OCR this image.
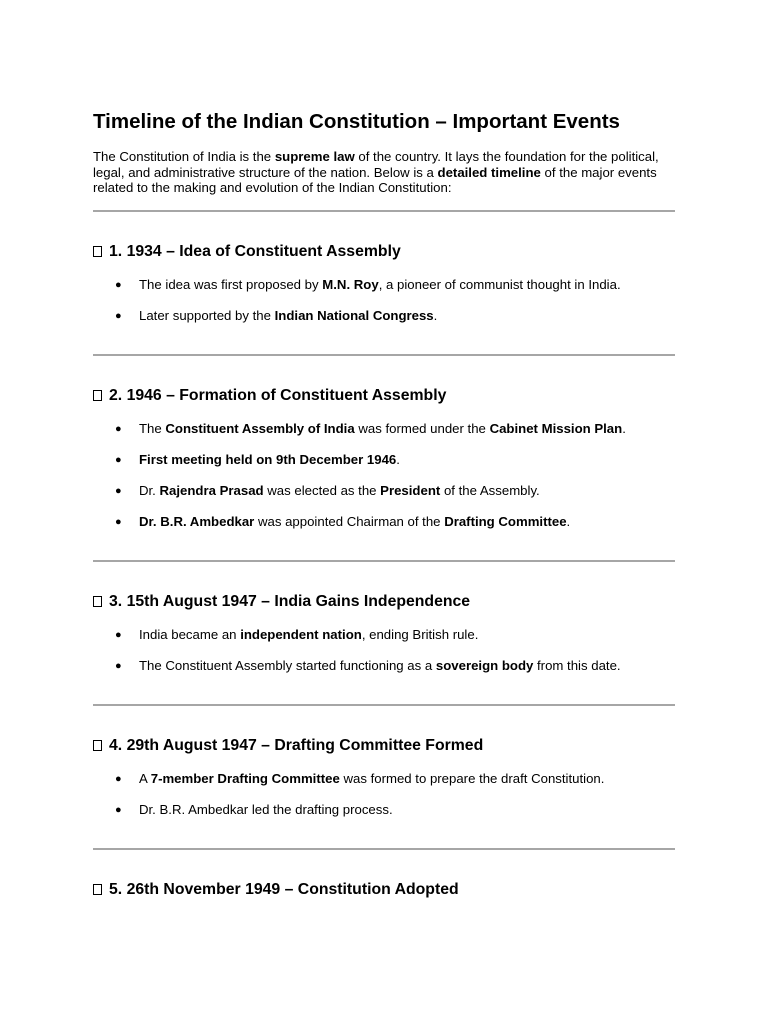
Timeline of the Indian Constitution – Important Events

The Constitution of India is the supreme law of the country. It lays the foundation for the political, legal, and administrative structure of the nation. Below is a detailed timeline of the major events related to the making and evolution of the Indian Constitution:

1. 1934 – Idea of Constituent Assembly
● The idea was first proposed by M.N. Roy, a pioneer of communist thought in India.
● Later supported by the Indian National Congress.
2. 1946 – Formation of Constituent Assembly
● The Constituent Assembly of India was formed under the Cabinet Mission Plan.
● First meeting held on 9th December 1946.
● Dr. Rajendra Prasad was elected as the President of the Assembly.
● Dr. B.R. Ambedkar was appointed Chairman of the Drafting Committee.
3. 15th August 1947 – India Gains Independence
● India became an independent nation, ending British rule.
● The Constituent Assembly started functioning as a sovereign body from this date.
4. 29th August 1947 – Drafting Committee Formed
● A 7-member Drafting Committee was formed to prepare the draft Constitution.
● Dr. B.R. Ambedkar led the drafting process.
5. 26th November 1949 – Constitution Adopted
